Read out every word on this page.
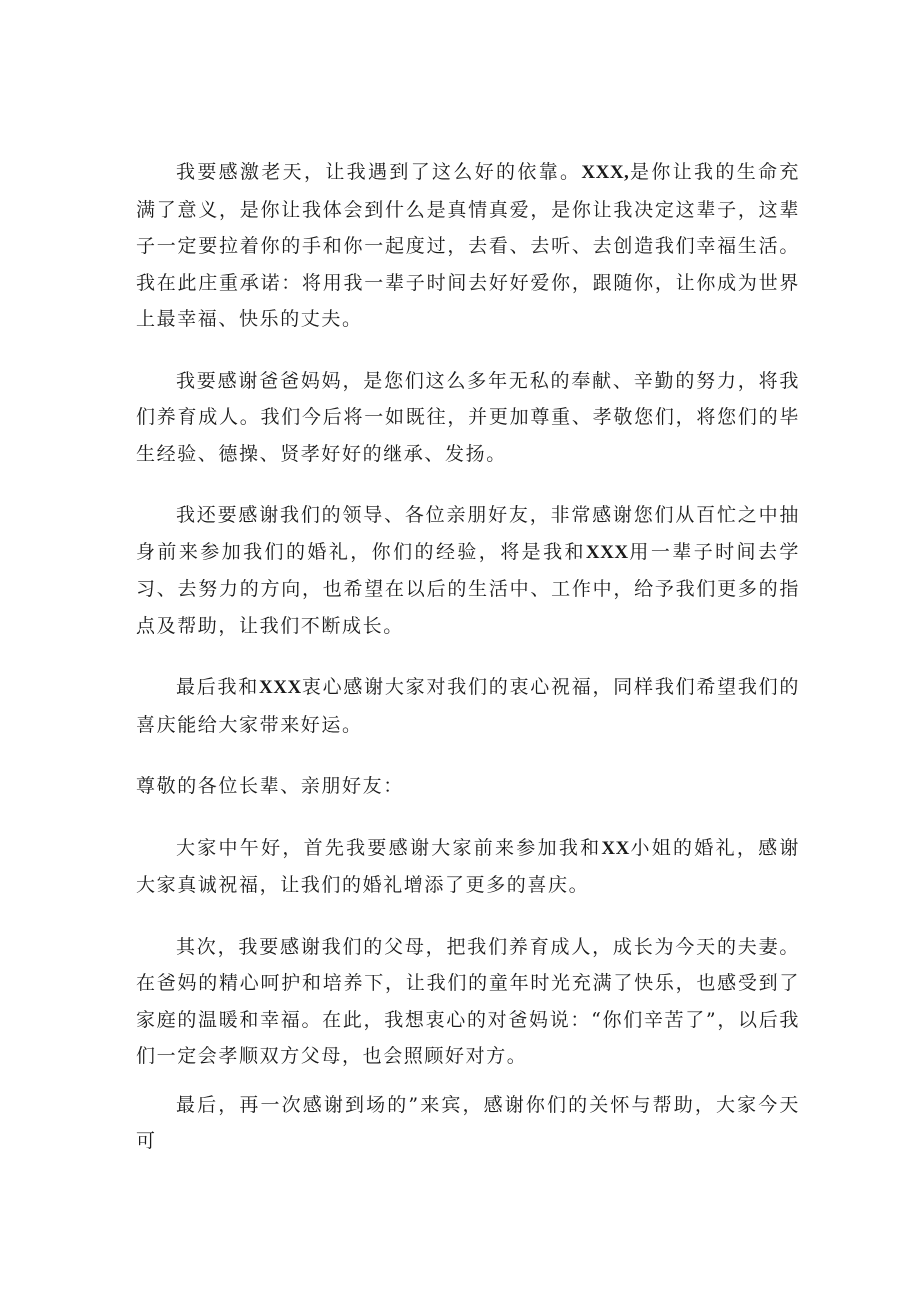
我要感激老天，让我遇到了这么好的依靠。XXX,是你让我的生命充满了意义，是你让我体会到什么是真情真爱，是你让我决定这辈子，这辈子一定要拉着你的手和你一起度过，去看、去听、去创造我们幸福生活。我在此庄重承诺：将用我一辈子时间去好好爱你，跟随你，让你成为世界上最幸福、快乐的丈夫。

我要感谢爸爸妈妈，是您们这么多年无私的奉献、辛勤的努力，将我们养育成人。我们今后将一如既往，并更加尊重、孝敬您们，将您们的毕生经验、德操、贤孝好好的继承、发扬。

我还要感谢我们的领导、各位亲朋好友，非常感谢您们从百忙之中抽身前来参加我们的婚礼，你们的经验，将是我和XXX用一辈子时间去学习、去努力的方向，也希望在以后的生活中、工作中，给予我们更多的指点及帮助，让我们不断成长。

最后我和XXX衷心感谢大家对我们的衷心祝福，同样我们希望我们的喜庆能给大家带来好运。

尊敬的各位长辈、亲朋好友：

大家中午好，首先我要感谢大家前来参加我和XX小姐的婚礼，感谢大家真诚祝福，让我们的婚礼增添了更多的喜庆。

其次，我要感谢我们的父母，把我们养育成人，成长为今天的夫妻。在爸妈的精心呵护和培养下，让我们的童年时光充满了快乐，也感受到了家庭的温暖和幸福。在此，我想衷心的对爸妈说：“你们辛苦了”，以后我们一定会孝顺双方父母，也会照顾好对方。

最后，再一次感谢到场的”来宾，感谢你们的关怀与帮助，大家今天可
